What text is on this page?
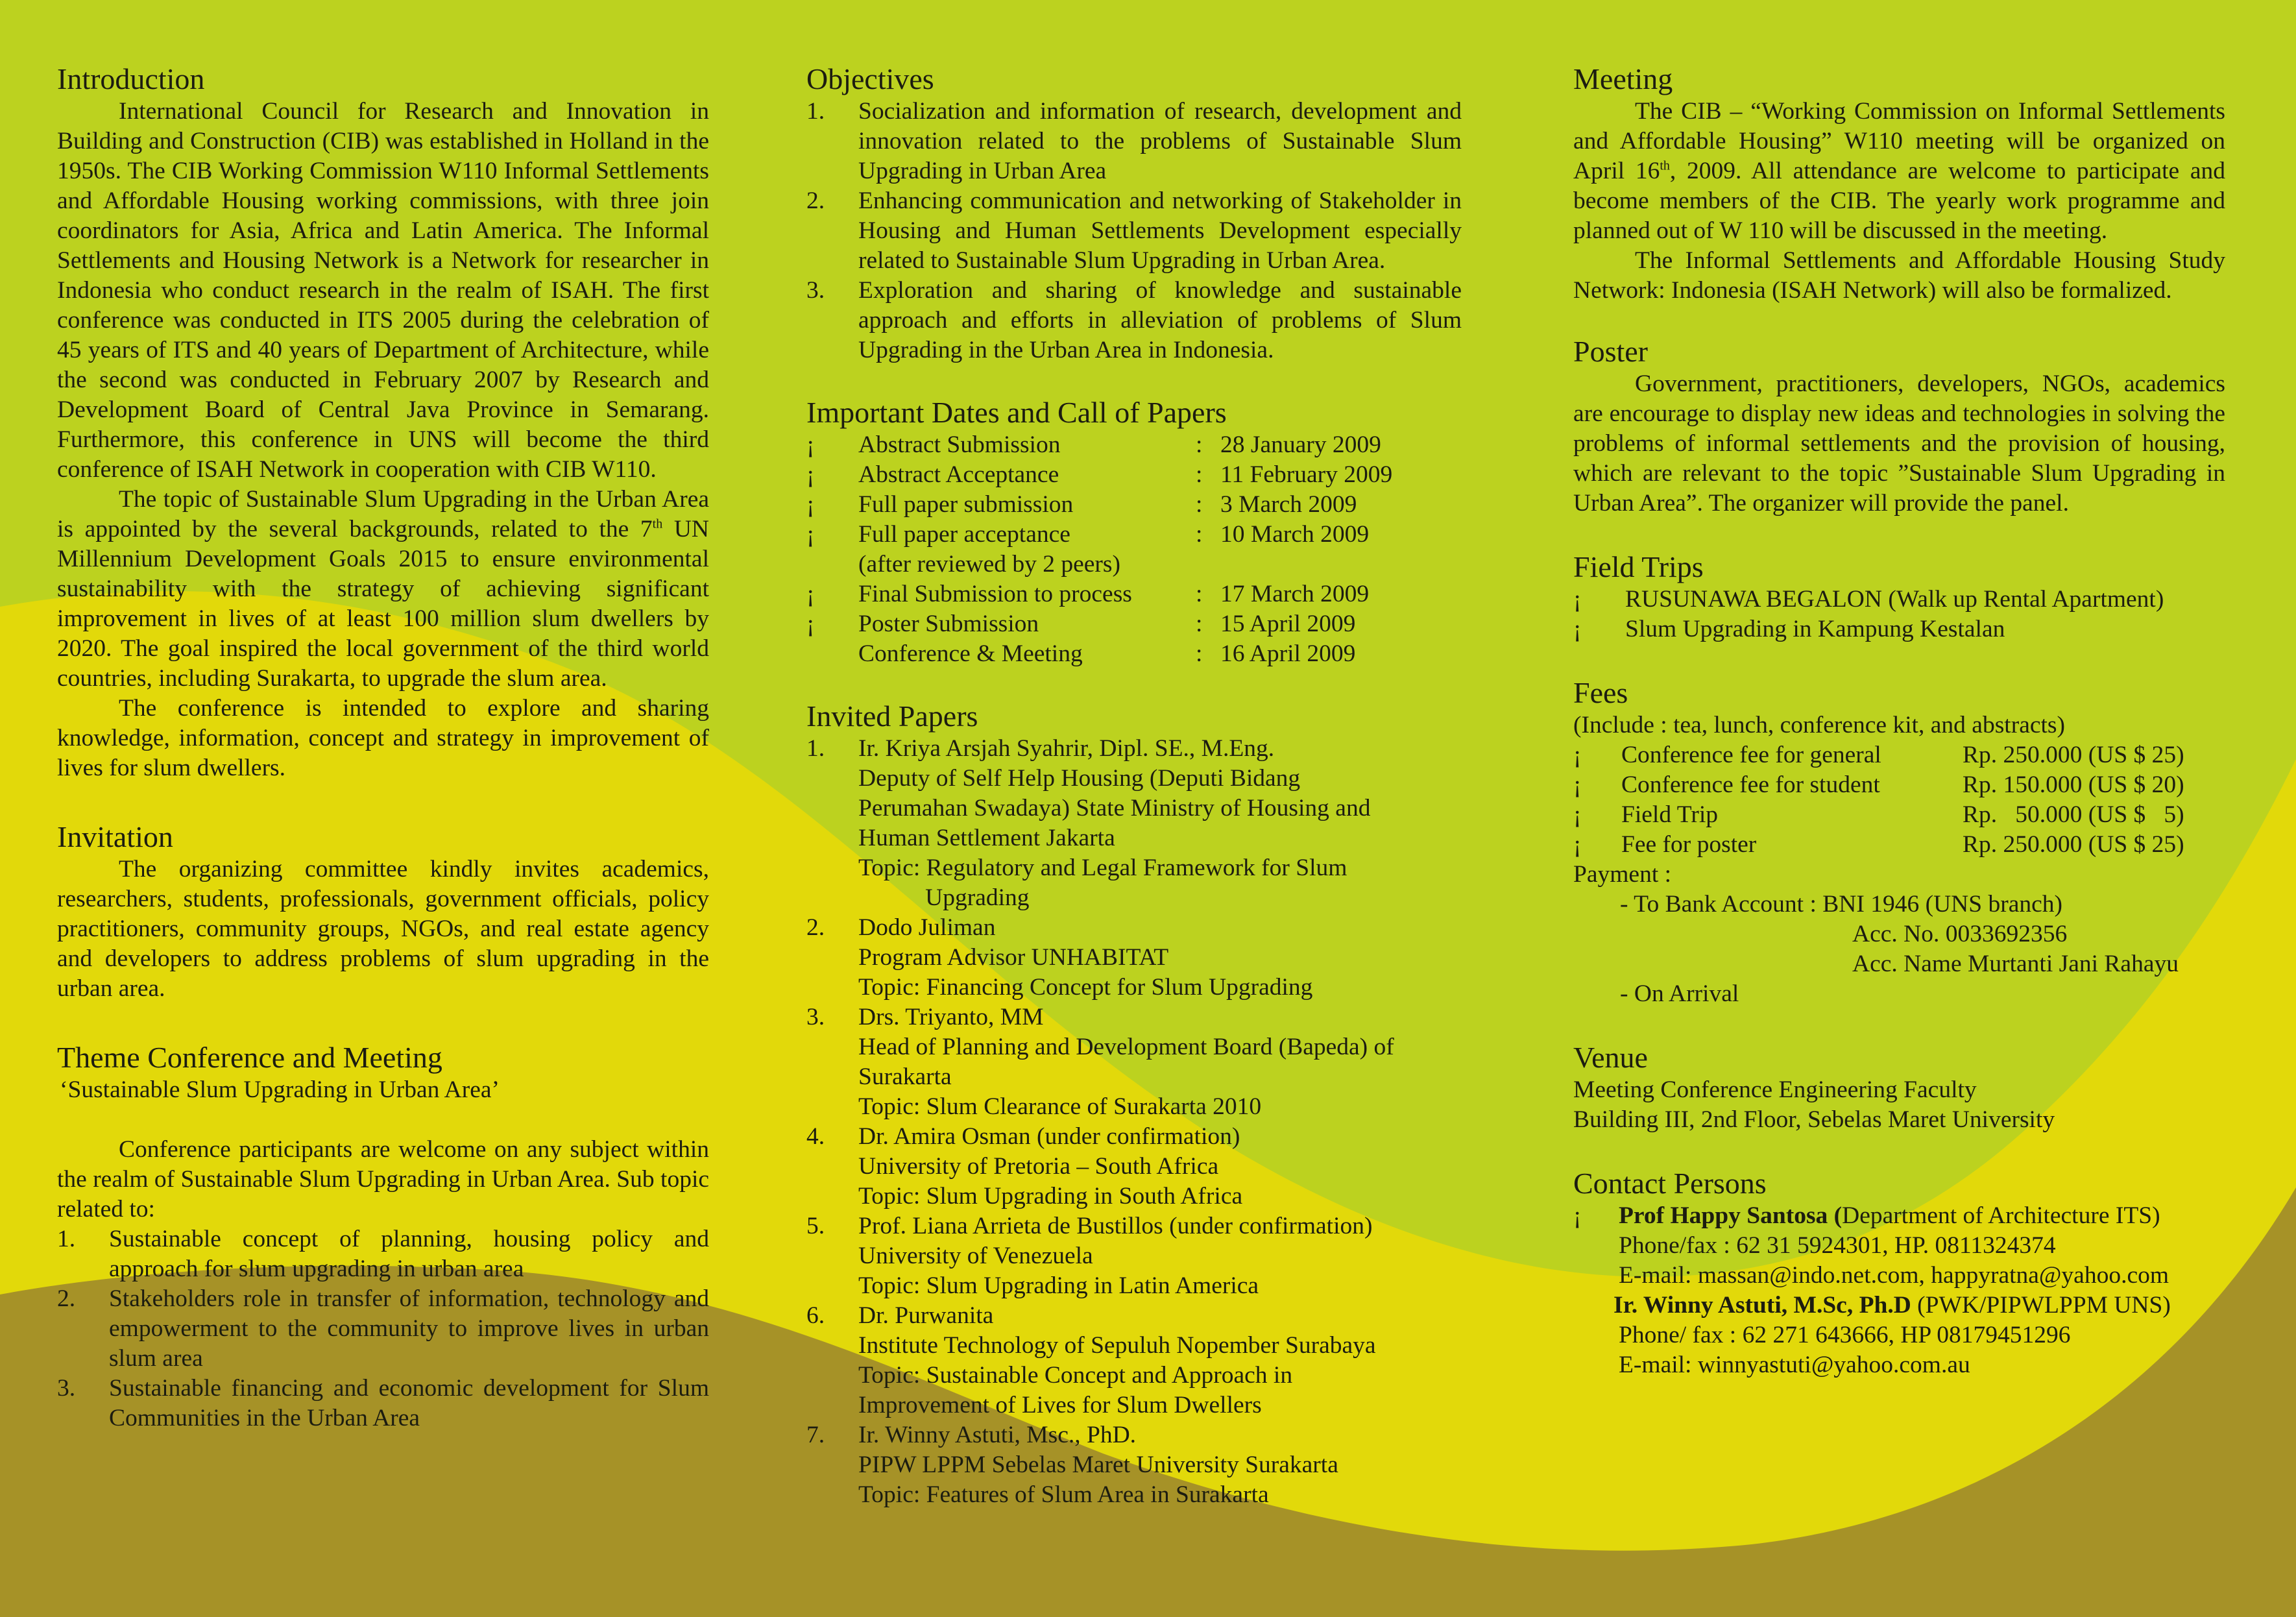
Introduction

International Council for Research and Innovation in Building and Construction (CIB) was established in Holland in the 1950s. The CIB Working Commission W110 Informal Settlements and Affordable Housing working commissions, with three join coordinators for Asia, Africa and Latin America. The Informal Settlements and Housing Network is a Network for researcher in Indonesia who conduct research in the realm of ISAH. The first conference was conducted in ITS 2005 during the celebration of 45 years of ITS and 40 years of Department of Architecture, while the second was conducted in February 2007 by Research and Development Board of Central Java Province in Semarang. Furthermore, this conference in UNS will become the third conference of ISAH Network in cooperation with CIB W110.

The topic of Sustainable Slum Upgrading in the Urban Area is appointed by the several backgrounds, related to the 7th UN Millennium Development Goals 2015 to ensure environmental sustainability with the strategy of achieving significant improvement in lives of at least 100 million slum dwellers by 2020. The goal inspired the local government of the third world countries, including Surakarta, to upgrade the slum area.

The conference is intended to explore and sharing knowledge, information, concept and strategy in improvement of lives for slum dwellers.

Invitation

The organizing committee kindly invites academics, researchers, students, professionals, government officials, policy practitioners, community groups, NGOs, and real estate agency and developers to address problems of slum upgrading in the urban area.

Theme Conference and Meeting

‘Sustainable Slum Upgrading in Urban Area’

Conference participants are welcome on any subject within the realm of Sustainable Slum Upgrading in Urban Area. Sub topic related to:

1.	Sustainable concept of planning, housing policy and approach for slum upgrading in urban area
2.	Stakeholders role in transfer of information, technology and empowerment to the community to improve lives in urban slum area
3.	Sustainable financing and economic development for Slum Communities in the Urban Area
Objectives
1.	Socialization and information of research, development and innovation related to the problems of Sustainable Slum Upgrading in Urban Area
2.	Enhancing communication and networking of Stakeholder in Housing and Human Settlements Development especially related to Sustainable Slum Upgrading in Urban Area.
3.	Exploration and sharing of knowledge and sustainable approach and efforts in alleviation of problems of Slum Upgrading in the Urban Area in Indonesia.
Important Dates and Call of Papers
¡	Abstract Submission	: 28 January 2009
¡	Abstract Acceptance	: 11 February 2009
¡	Full paper submission	: 3 March 2009
¡	Full paper acceptance	: 10 March 2009
(after reviewed by 2 peers)
¡	Final Submission to process	: 17 March 2009
¡	Poster Submission	: 15 April 2009
Conference & Meeting	: 16 April 2009
Invited Papers
1.	Ir. Kriya Arsjah Syahrir, Dipl. SE., M.Eng.
Deputy of Self Help Housing (Deputi Bidang
Perumahan Swadaya) State Ministry of Housing and
Human Settlement Jakarta
Topic: Regulatory and Legal Framework for Slum
Upgrading
2.	Dodo Juliman
Program Advisor UNHABITAT
Topic: Financing Concept for Slum Upgrading
3.	Drs. Triyanto, MM
Head of Planning and Development Board (Bapeda) of
Surakarta
Topic: Slum Clearance of Surakarta 2010
4.	Dr. Amira Osman (under confirmation)
University of Pretoria – South Africa
Topic: Slum Upgrading in South Africa
5.	Prof. Liana Arrieta de Bustillos (under confirmation)
University of Venezuela
Topic: Slum Upgrading in Latin America
6.	Dr. Purwanita
Institute Technology of Sepuluh Nopember Surabaya
Topic: Sustainable Concept and Approach in
Improvement of Lives for Slum Dwellers
7.	Ir. Winny Astuti, Msc., PhD.
PIPW LPPM Sebelas Maret University Surakarta
Topic: Features of Slum Area in Surakarta
Meeting

The CIB – “Working Commission on Informal Settlements and Affordable Housing” W110 meeting will be organized on April 16th, 2009. All attendance are welcome to participate and become members of the CIB. The yearly work programme and planned out of W 110 will be discussed in the meeting.

The Informal Settlements and Affordable Housing Study Network: Indonesia (ISAH Network) will also be formalized.

Poster

Government, practitioners, developers, NGOs, academics are encourage to display new ideas and technologies in solving the problems of informal settlements and the provision of housing, which are relevant to the topic ”Sustainable Slum Upgrading in Urban Area”. The organizer will provide the panel.

Field Trips
¡	RUSUNAWA BEGALON (Walk up Rental Apartment)
¡	Slum Upgrading in Kampung Kestalan
Fees

(Include : tea, lunch, conference kit, and abstracts)

¡	Conference fee for general	Rp. 250.000 (US $ 25)
¡	Conference fee for student	Rp. 150.000 (US $ 20)
¡	Field Trip	Rp.   50.000 (US $   5)
¡	Fee for poster	Rp. 250.000 (US $ 25)

Payment :

- To Bank Account : BNI 1946 (UNS branch)

Acc. No. 0033692356

Acc. Name Murtanti Jani Rahayu

- On Arrival

Venue

Meeting Conference Engineering Faculty

Building III, 2nd Floor, Sebelas Maret University

Contact Persons
¡	Prof Happy Santosa (Department of Architecture ITS)

Phone/fax : 62 31 5924301, HP. 0811324374

E-mail: massan@indo.net.com, happyratna@yahoo.com

Ir. Winny Astuti, M.Sc, Ph.D (PWK/PIPWLPPM UNS)

Phone/ fax : 62 271 643666, HP 08179451296

E-mail: winnyastuti@yahoo.com.au
